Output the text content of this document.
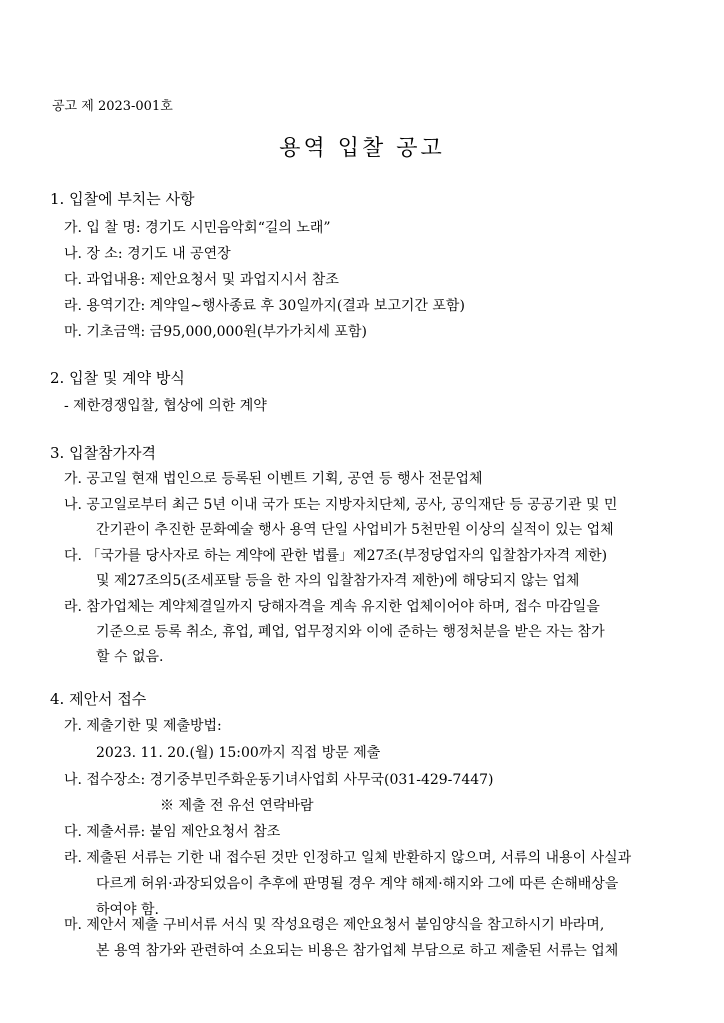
공고 제 2023-001호
용역 입찰 공고
1. 입찰에 부치는 사항
가. 입 찰 명: 경기도 시민음악회“길의 노래”
나. 장 소: 경기도 내 공연장
다. 과업내용: 제안요청서 및 과업지시서 참조
라. 용역기간: 계약일∼행사종료 후 30일까지(결과 보고기간 포함)
마. 기초금액: 금95,000,000원(부가가치세 포함)
2. 입찰 및 계약 방식
- 제한경쟁입찰, 협상에 의한 계약
3. 입찰참가자격
가. 공고일 현재 법인으로 등록된 이벤트 기획, 공연 등 행사 전문업체
나. 공고일로부터 최근 5년 이내 국가 또는 지방자치단체, 공사, 공익재단 등 공공기관 및 민
간기관이 추진한 문화예술 행사 용역 단일 사업비가 5천만원 이상의 실적이 있는 업체
다. 「국가를 당사자로 하는 계약에 관한 법률」제27조(부정당업자의 입찰참가자격 제한)
및 제27조의5(조세포탈 등을 한 자의 입찰참가자격 제한)에 해당되지 않는 업체
라. 참가업체는 계약체결일까지 당해자격을 계속 유지한 업체이어야 하며, 접수 마감일을
기준으로 등록 취소, 휴업, 폐업, 업무정지와 이에 준하는 행정처분을 받은 자는 참가
할 수 없음.
4. 제안서 접수
가. 제출기한 및 제출방법:
2023. 11. 20.(월) 15:00까지 직접 방문 제출
나. 접수장소: 경기중부민주화운동기녀사업회 사무국(031-429-7447)
※ 제출 전 유선 연락바람
다. 제출서류: 붙임 제안요청서 참조
라. 제출된 서류는 기한 내 접수된 것만 인정하고 일체 반환하지 않으며, 서류의 내용이 사실과
다르게 허위·과장되었음이 추후에 판명될 경우 계약 해제·해지와 그에 따른 손해배상을
하여야 함.
마. 제안서 제출 구비서류 서식 및 작성요령은 제안요청서 붙임양식을 참고하시기 바라며,
본 용역 참가와 관련하여 소요되는 비용은 참가업체 부담으로 하고 제출된 서류는 업체
